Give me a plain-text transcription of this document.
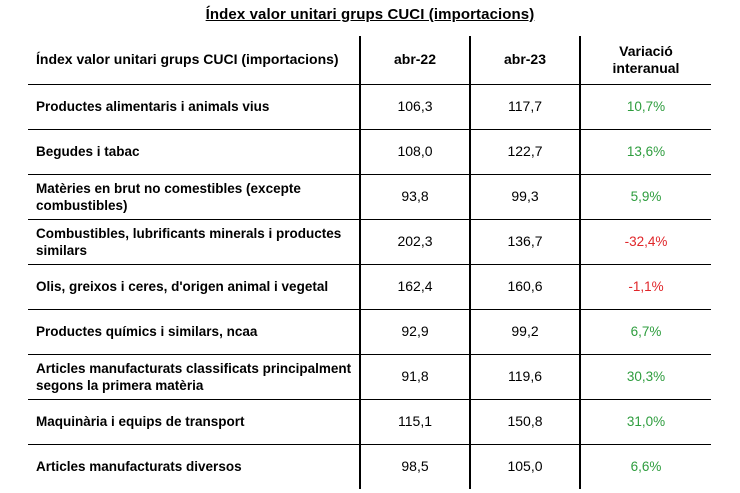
Índex valor unitari grups CUCI (importacions)
Índex valor unitari grups CUCI (importacions)	abr-22	abr-23	Variació interanual
Productes alimentaris i animals vius	106,3	117,7	10,7%
Begudes i tabac	108,0	122,7	13,6%
Matèries en brut no comestibles (excepte combustibles)	93,8	99,3	5,9%
Combustibles, lubrificants minerals i productes similars	202,3	136,7	-32,4%
Olis, greixos i ceres, d'origen animal i vegetal	162,4	160,6	-1,1%
Productes químics i similars, ncaa	92,9	99,2	6,7%
Articles manufacturats classificats principalment segons la primera matèria	91,8	119,6	30,3%
Maquinària i equips de transport	115,1	150,8	31,0%
Articles manufacturats diversos	98,5	105,0	6,6%
